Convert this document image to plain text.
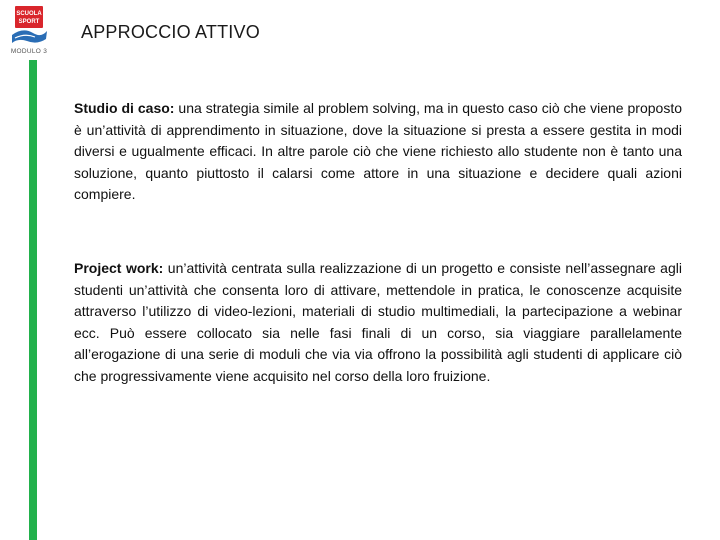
SCUOLA
SPORT
MODULO 3
APPROCCIO ATTIVO

Studio di caso: una strategia simile al problem solving, ma in questo caso ciò che viene proposto è un’attività di apprendimento in situazione, dove la situazione si presta a essere gestita in modi diversi e ugualmente efficaci. In altre parole ciò che viene richiesto allo studente non è tanto una soluzione, quanto piuttosto il calarsi come attore in una situazione e decidere quali azioni compiere.

Project work: un’attività centrata sulla realizzazione di un progetto e consiste nell’assegnare agli studenti un’attività che consenta loro di attivare, mettendole in pratica, le conoscenze acquisite attraverso l’utilizzo di video-lezioni, materiali di studio multimediali, la partecipazione a webinar ecc. Può essere collocato sia nelle fasi finali di un corso, sia viaggiare parallelamente all’erogazione di una serie di moduli che via via offrono la possibilità agli studenti di applicare ciò che progressivamente viene acquisito nel corso della loro fruizione.
